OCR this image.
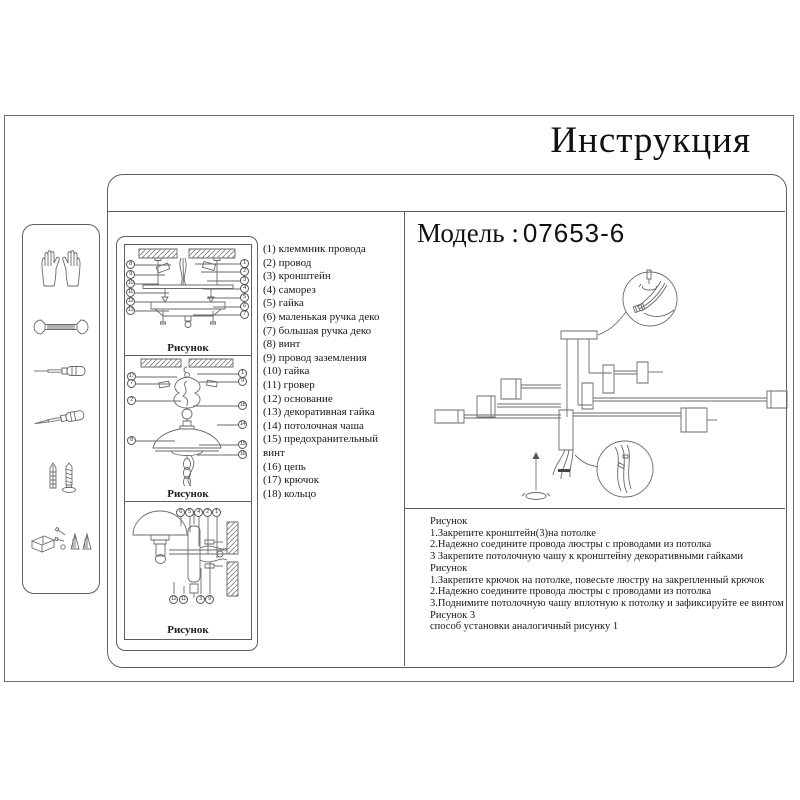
Инструкция
8
9
10
11
12
13
1
2
3
4
5
6
7
Рисунок
17
7
2
8
1
9
18
14
15
16
Рисунок
6	5	4	2	1
12 11	3	9
Рисунок
(1) клеммник провода
(2) провод
(3) кронштейн
(4) саморез
(5) гайка
(6) маленькая ручка деко
(7) большая ручка деко
(8) винт
(9) провод заземления
(10) гайка
(11) гровер
(12) основание
(13) декоративная гайка
(14) потолочная чаша
(15) предохранительный винт
(16) цепь
(17) крючок
(18) кольцо
Модель : 07653-6
Рисунок
1.Закрепите кронштейн(3)на потолке
2.Надежно соедините провода люстры с проводами из потолка
3 Закрепите потолочную чашу к кронштейну декоративными гайками
Рисунок
1.Закрепите крючок на потолке, повесьте люстру на закрепленный крючок
2.Надежно соедините провода люстры с проводами из потолка
3.Поднимите потолочную чашу вплотную к потолку и зафиксируйте ее винтом
Рисунок 3
способ установки аналогичный рисунку 1
